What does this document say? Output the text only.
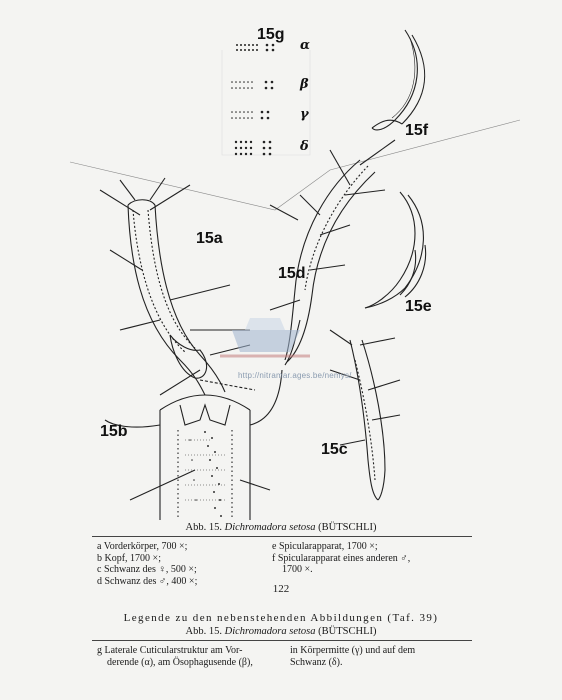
15g
α
β
γ
δ
15f
15a
15d
15e
15b
15c
http://nitramar.ages.be/nemys/
Abb. 15. Dichromadora setosa (BÜTSCHLI)
a Vorderkörper, 700 ×;
b Kopf, 1700 ×;
c Schwanz des ♀, 500 ×;
d Schwanz des ♂, 400 ×;
e Spicularapparat, 1700 ×;
f Spicularapparat eines anderen ♂,
1700 ×.
122
Legende zu den nebenstehenden Abbildungen (Taf. 39)
Abb. 15. Dichromadora setosa (BÜTSCHLI)
g Laterale Cuticularstruktur am Vor-
derende (α), am Ösophagusende (β),
in Körpermitte (γ) und auf dem
Schwanz (δ).
